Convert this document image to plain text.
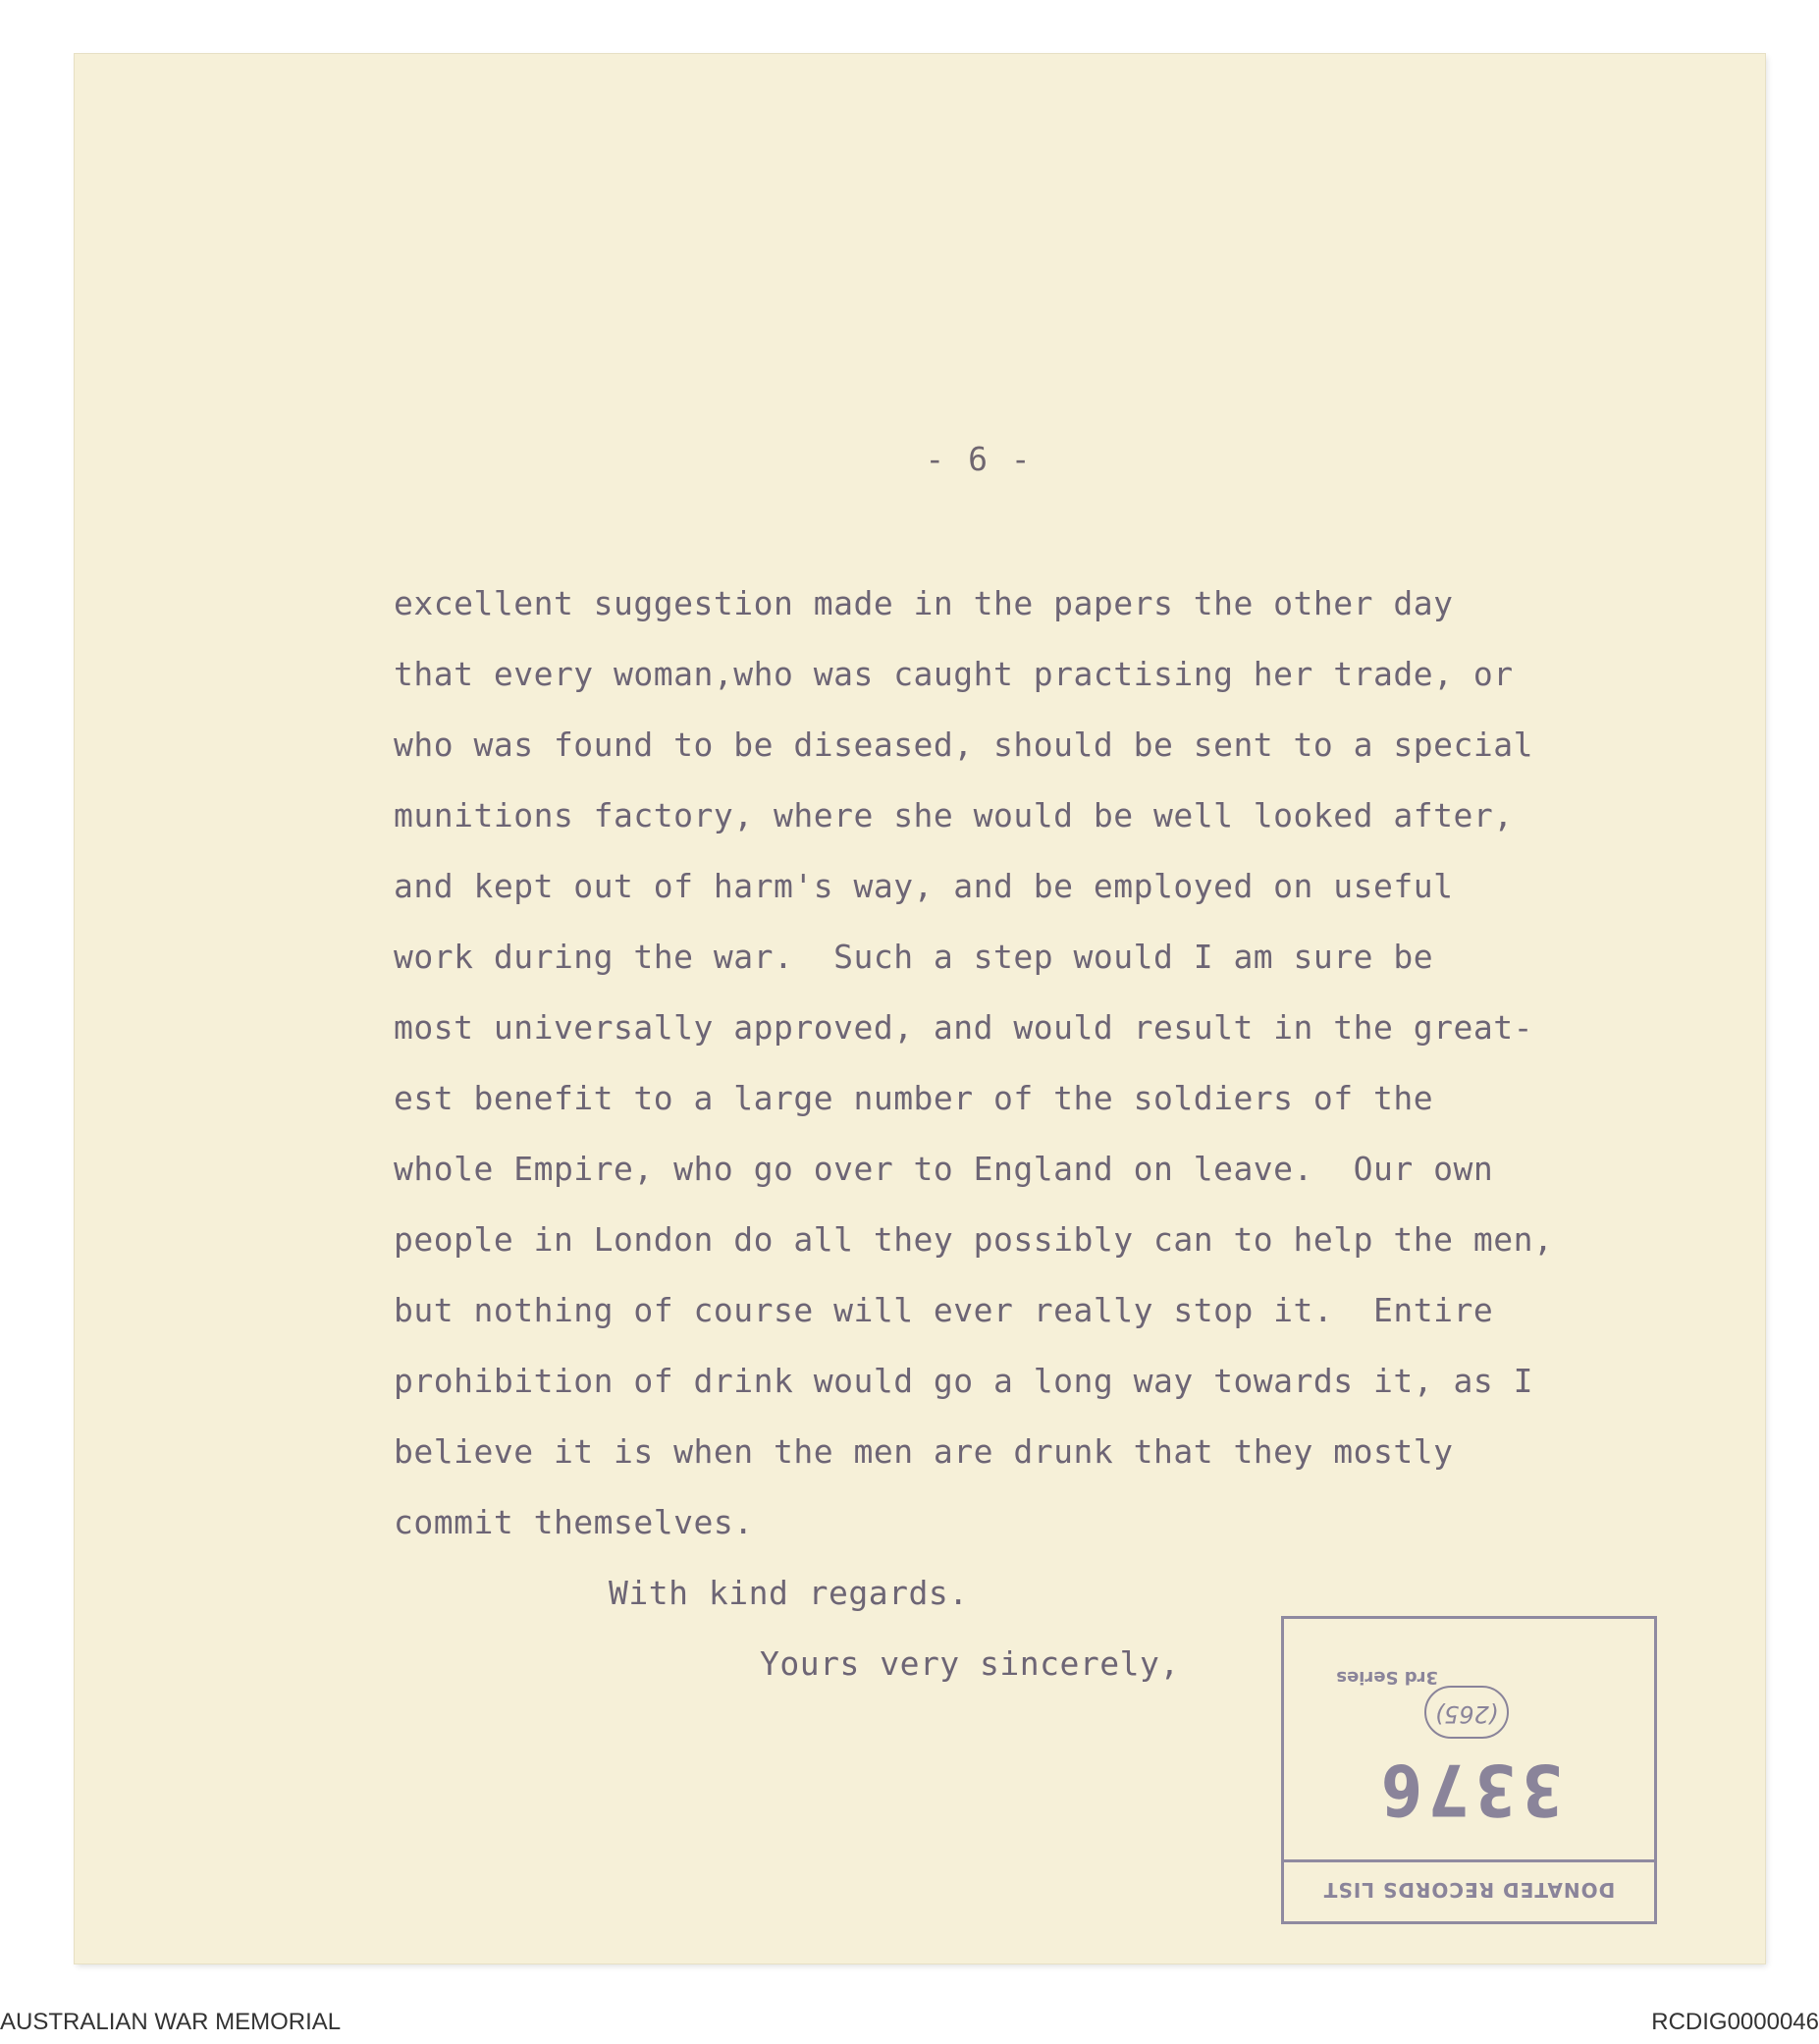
- 6 -
excellent suggestion made in the papers the other day
that every woman,who was caught practising her trade, or
who was found to be diseased, should be sent to a special
munitions factory, where she would be well looked after,
and kept out of harm's way, and be employed on useful
work during the war.  Such a step would I am sure be
most universally approved, and would result in the great-
est benefit to a large number of the soldiers of the
whole Empire, who go over to England on leave.  Our own
people in London do all they possibly can to help the men,
but nothing of course will ever really stop it.  Entire
prohibition of drink would go a long way towards it, as I
believe it is when the men are drunk that they mostly
commit themselves.
With kind regards.
Yours very sincerely,
DONATED RECORDS LIST
3376
(265)
3rd Series
AUSTRALIAN WAR MEMORIAL	RCDIG0000046
